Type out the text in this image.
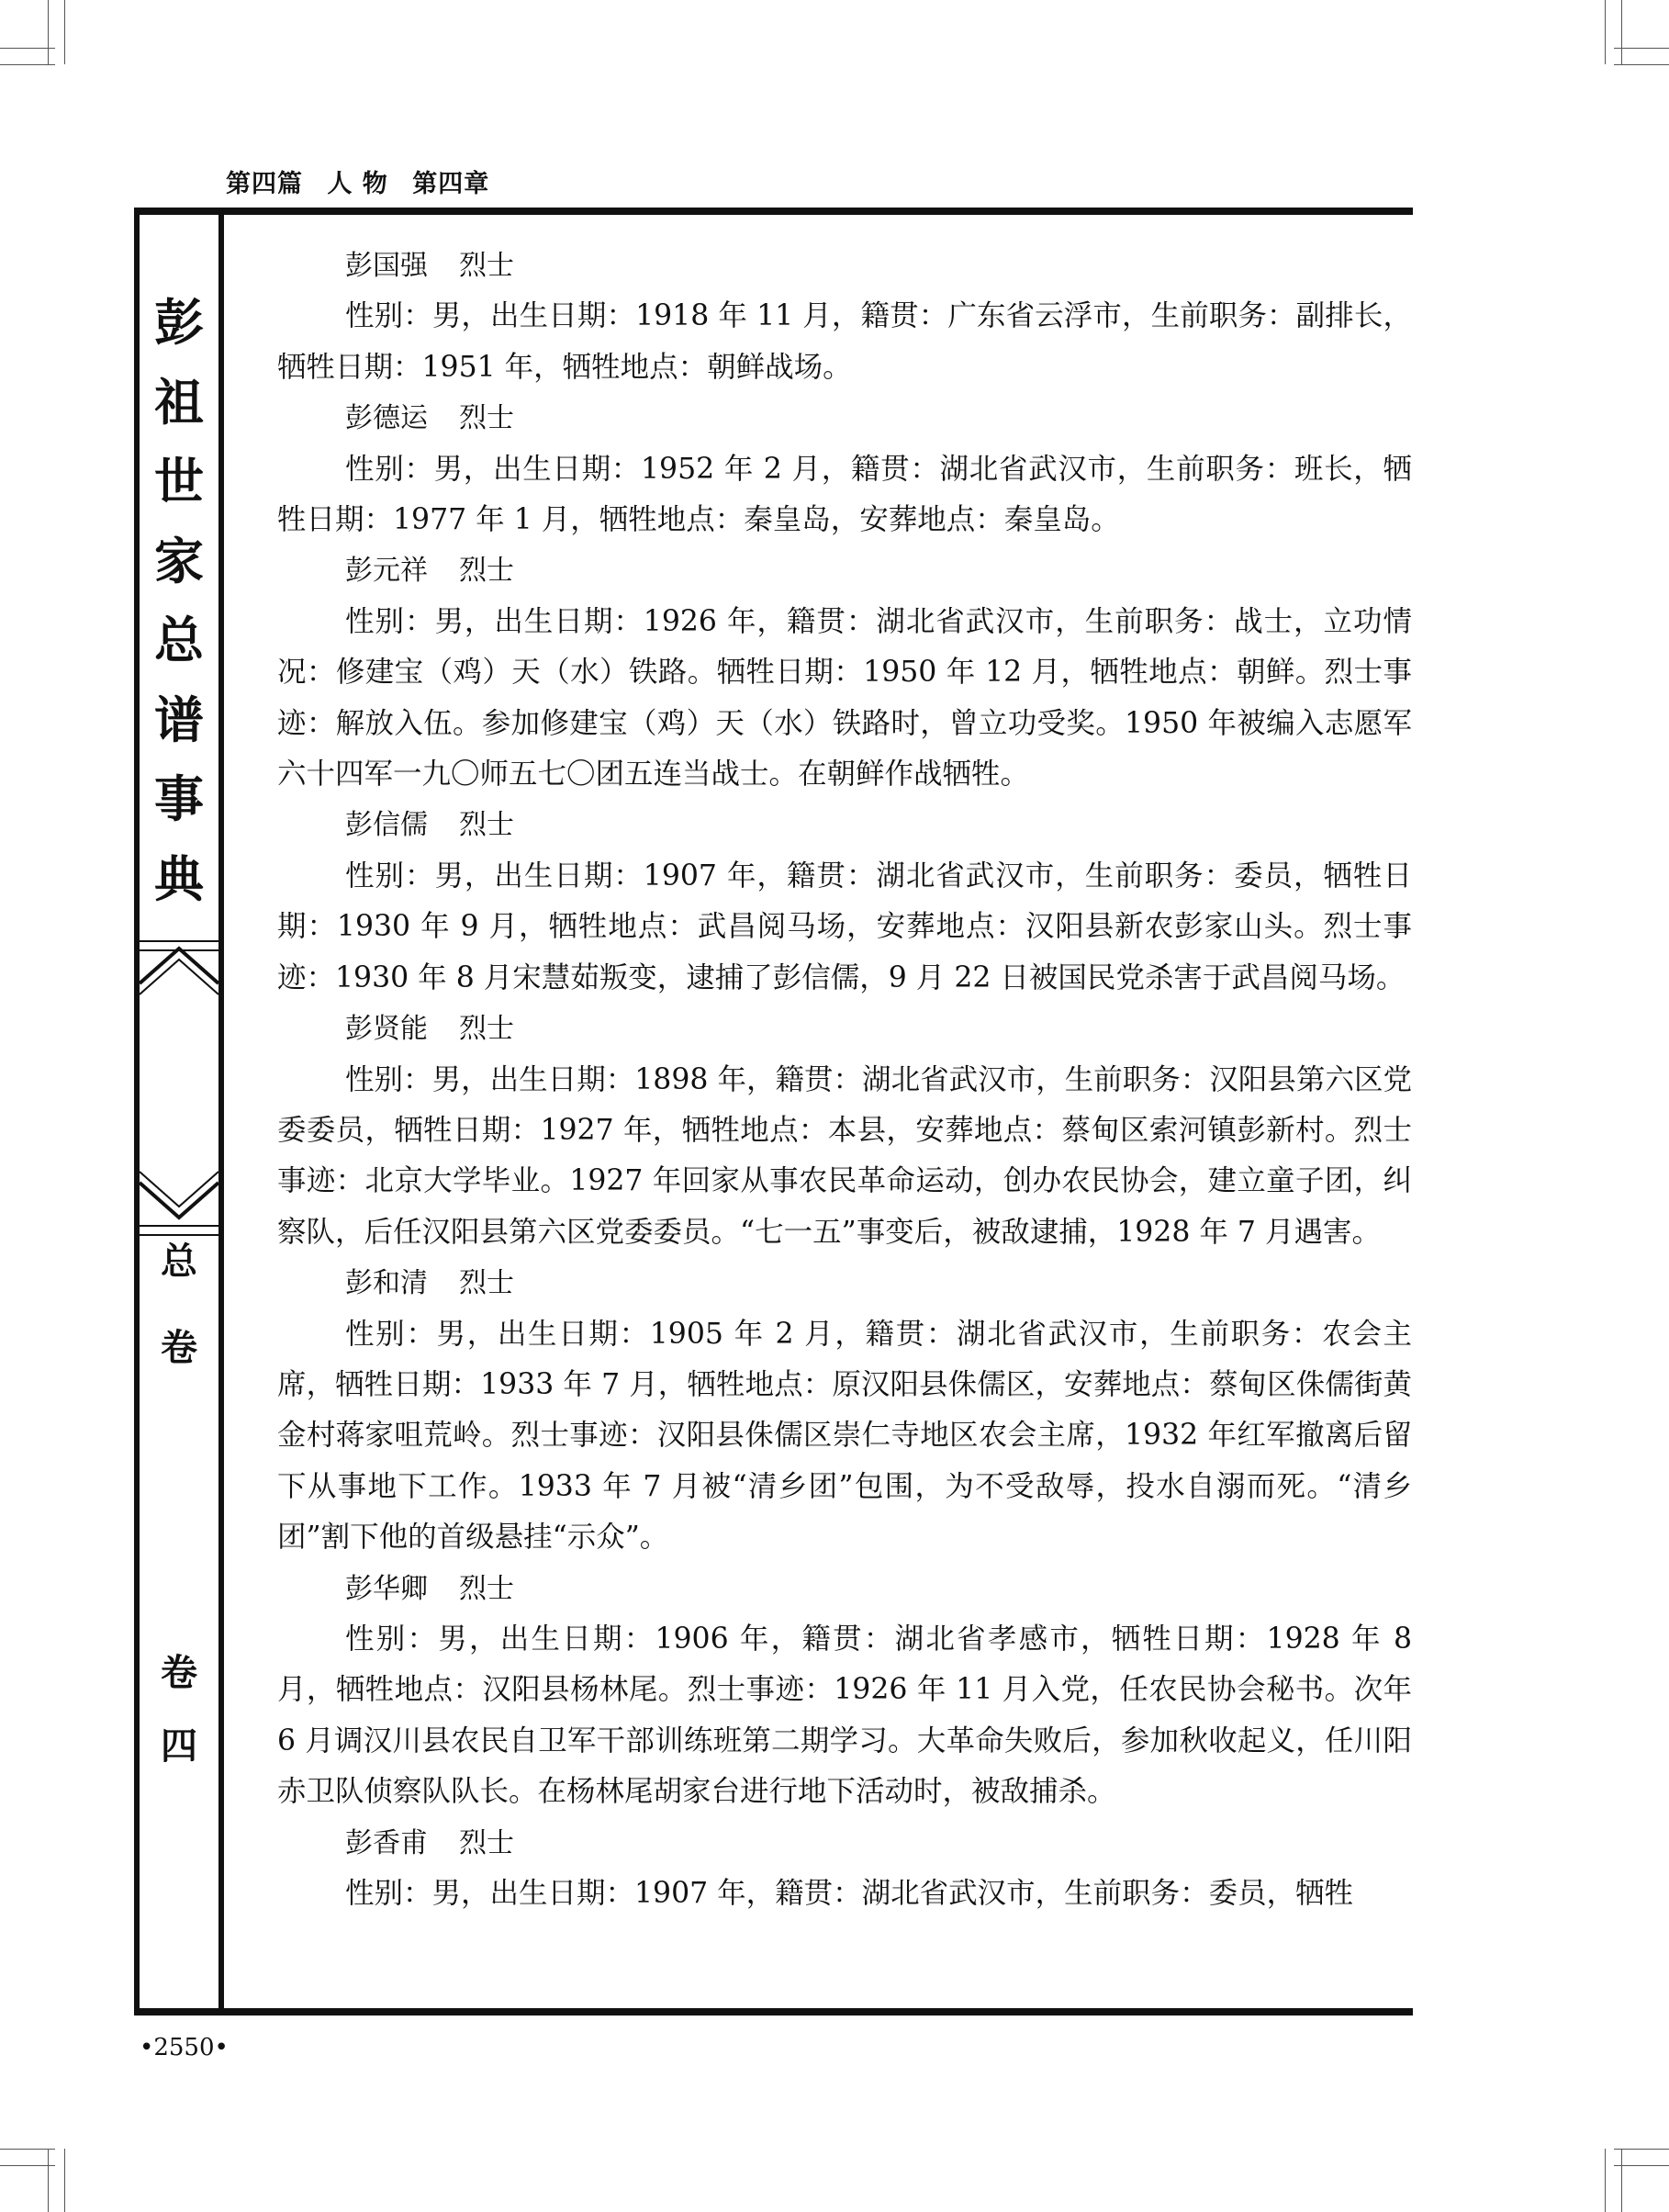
第四篇 人 物 第四章
彭
祖
世
家
总
谱
事
典
总
卷
卷
四
彭国强 烈士
性别：男，出生日期：1918 年 11 月，籍贯：广东省云浮市，生前职务：副排长，牺牲日期：1951 年，牺牲地点：朝鲜战场。
彭德运 烈士
性别：男，出生日期：1952 年 2 月，籍贯：湖北省武汉市，生前职务：班长，牺牲日期：1977 年 1 月，牺牲地点：秦皇岛，安葬地点：秦皇岛。
彭元祥 烈士
性别：男，出生日期：1926 年，籍贯：湖北省武汉市，生前职务：战士，立功情况：修建宝（鸡）天（水）铁路。牺牲日期：1950 年 12 月，牺牲地点：朝鲜。烈士事迹：解放入伍。参加修建宝（鸡）天（水）铁路时，曾立功受奖。1950 年被编入志愿军六十四军一九〇师五七〇团五连当战士。在朝鲜作战牺牲。
彭信儒 烈士
性别：男，出生日期：1907 年，籍贯：湖北省武汉市，生前职务：委员，牺牲日期：1930 年 9 月，牺牲地点：武昌阅马场，安葬地点：汉阳县新农彭家山头。烈士事迹：1930 年 8 月宋慧茹叛变，逮捕了彭信儒，9 月 22 日被国民党杀害于武昌阅马场。
彭贤能 烈士
性别：男，出生日期：1898 年，籍贯：湖北省武汉市，生前职务：汉阳县第六区党委委员，牺牲日期：1927 年，牺牲地点：本县，安葬地点：蔡甸区索河镇彭新村。烈士事迹：北京大学毕业。1927 年回家从事农民革命运动，创办农民协会，建立童子团，纠察队，后任汉阳县第六区党委委员。“七一五”事变后，被敌逮捕，1928 年 7 月遇害。
彭和清 烈士
性别：男，出生日期：1905 年 2 月，籍贯：湖北省武汉市，生前职务：农会主席，牺牲日期：1933 年 7 月，牺牲地点：原汉阳县侏儒区，安葬地点：蔡甸区侏儒街黄金村蒋家咀荒岭。烈士事迹：汉阳县侏儒区崇仁寺地区农会主席，1932 年红军撤离后留下从事地下工作。1933 年 7 月被“清乡团”包围，为不受敌辱，投水自溺而死。“清乡团”割下他的首级悬挂“示众”。
彭华卿 烈士
性别：男，出生日期：1906 年，籍贯：湖北省孝感市，牺牲日期：1928 年 8 月，牺牲地点：汉阳县杨林尾。烈士事迹：1926 年 11 月入党，任农民协会秘书。次年 6 月调汉川县农民自卫军干部训练班第二期学习。大革命失败后，参加秋收起义，任川阳赤卫队侦察队队长。在杨林尾胡家台进行地下活动时，被敌捕杀。
彭香甫 烈士
性别：男，出生日期：1907 年，籍贯：湖北省武汉市，生前职务：委员，牺牲
•2550•
